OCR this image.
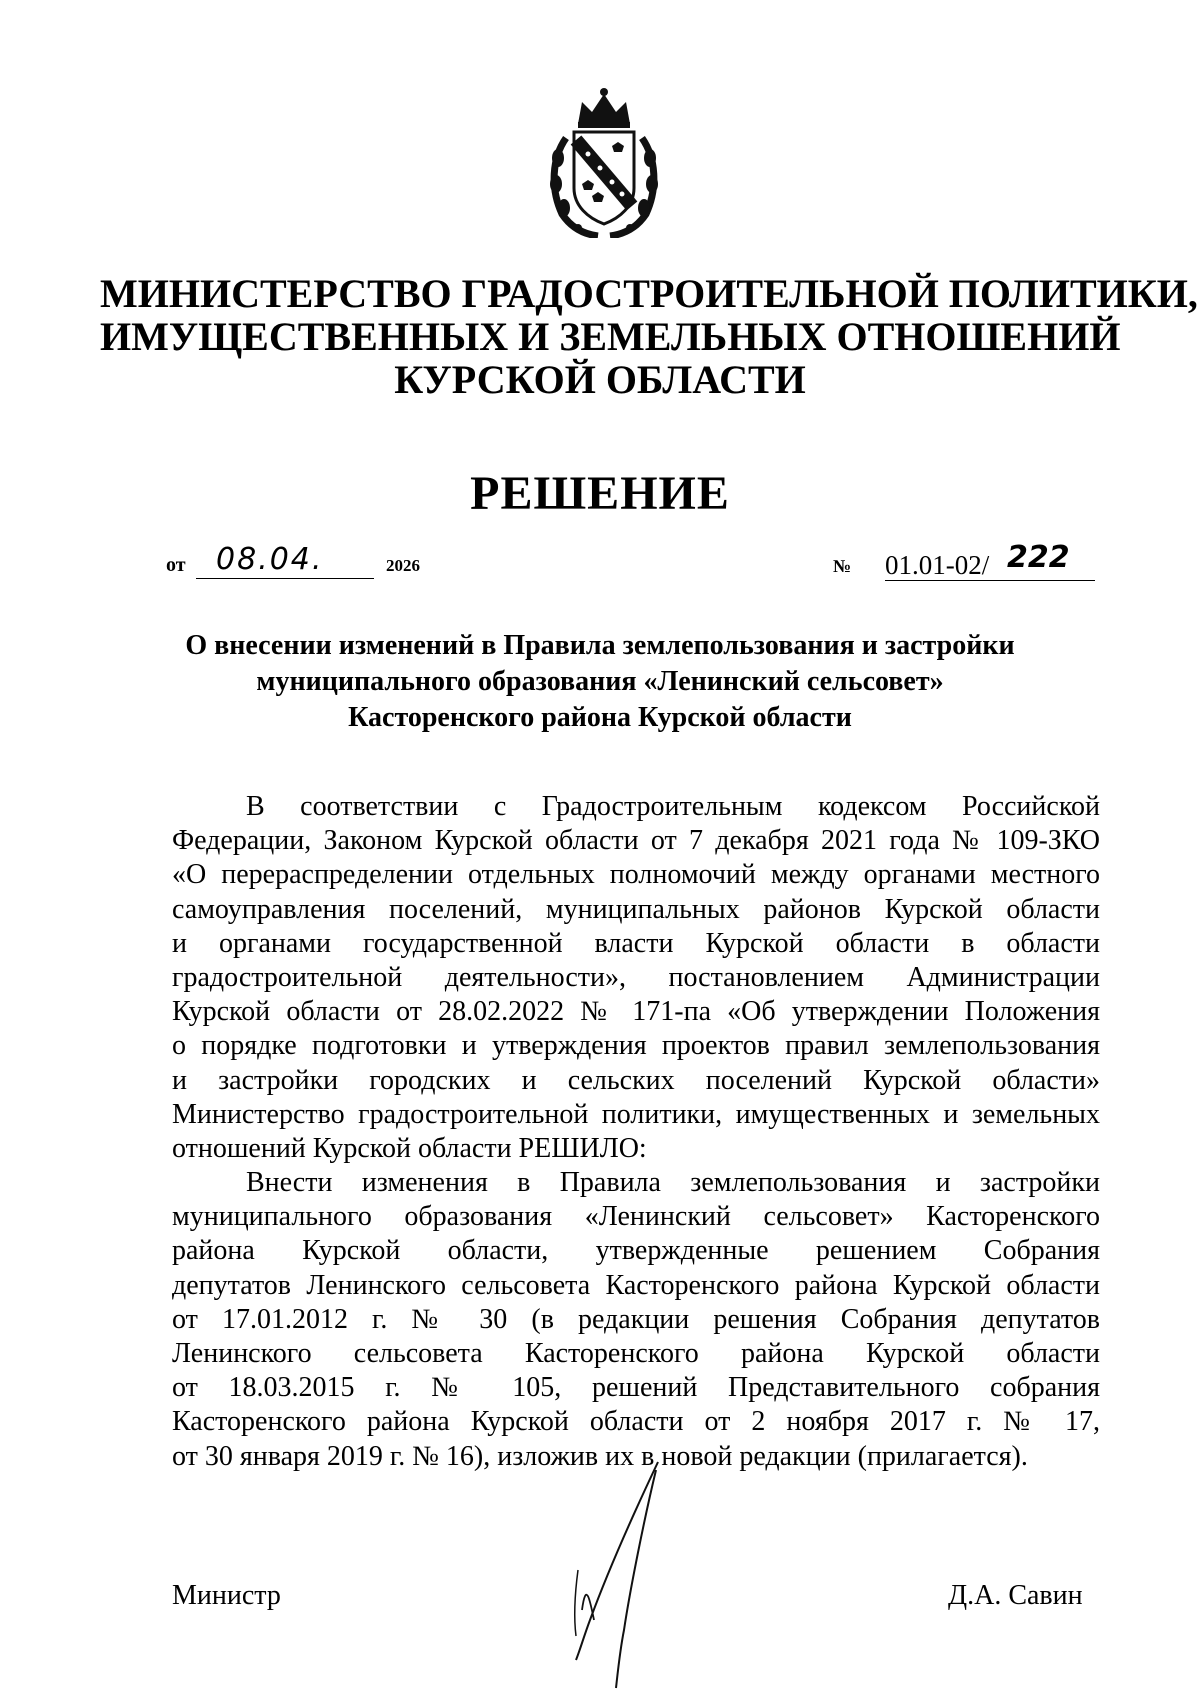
МИНИСТЕРСТВО ГРАДОСТРОИТЕЛЬНОЙ ПОЛИТИКИ,
ИМУЩЕСТВЕННЫХ И ЗЕМЕЛЬНЫХ ОТНОШЕНИЙ
КУРСКОЙ ОБЛАСТИ
РЕШЕНИЕ
от 08.04.	2026	№ 01.01-02/ 222
О внесении изменений в Правила землепользования и застройки
муниципального образования «Ленинский сельсовет»
Касторенского района Курской области
В соответствии с Градостроительным кодексом Российской
Федерации, Законом Курской области от 7 декабря 2021 года № 109-ЗКО
«О перераспределении отдельных полномочий между органами местного
самоуправления поселений, муниципальных районов Курской области
и органами государственной власти Курской области в области
градостроительной деятельности», постановлением Администрации
Курской области от 28.02.2022 № 171-па «Об утверждении Положения
о порядке подготовки и утверждения проектов правил землепользования
и застройки городских и сельских поселений Курской области»
Министерство градостроительной политики, имущественных и земельных
отношений Курской области РЕШИЛО:
Внести изменения в Правила землепользования и застройки
муниципального образования «Ленинский сельсовет» Касторенского
района Курской области, утвержденные решением Собрания
депутатов Ленинского сельсовета Касторенского района Курской области
от 17.01.2012 г. № 30 (в редакции решения Собрания депутатов
Ленинского сельсовета Касторенского района Курской области
от 18.03.2015 г. № 105, решений Представительного собрания
Касторенского района Курской области от 2 ноября 2017 г. № 17,
от 30 января 2019 г. № 16), изложив их в новой редакции (прилагается).
Министр	Д.А. Савин
